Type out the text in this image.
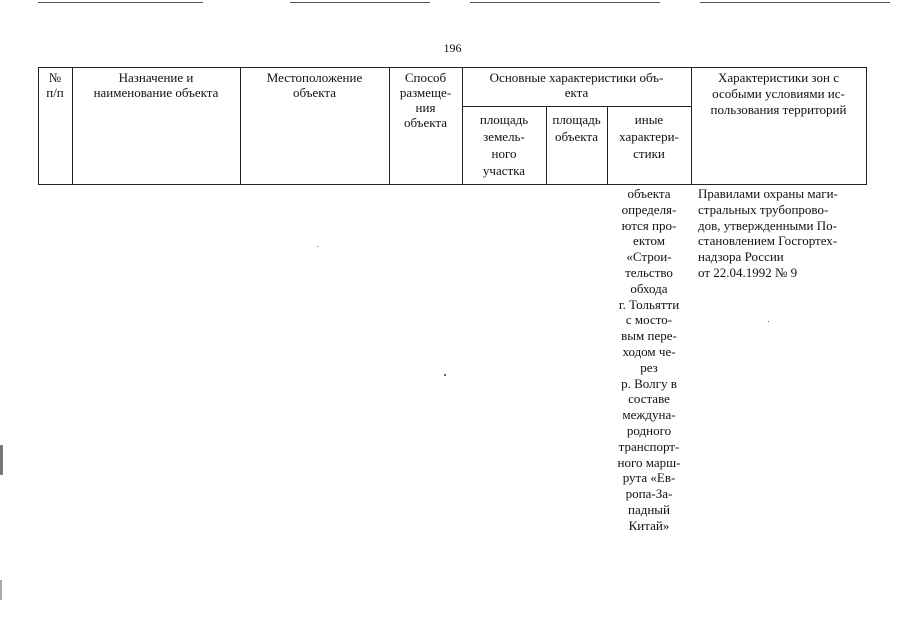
196
№
п/п
Назначение и
наименование объекта
Местоположение
объекта
Способ
размеще-
ния
объекта
Основные характеристики объ-
екта
площадь
земель-
ного
участка
площадь
объекта
иные
характери-
стики
Характеристики зон с
особыми условиями ис-
пользования территорий
объекта
определя-
ются про-
ектом
«Строи-
тельство
обхода
г. Тольятти
с мосто-
вым пере-
ходом че-
рез
р. Волгу в
составе
междуна-
родного
транспорт-
ного марш-
рута «Ев-
ропа-За-
падный
Китай»
Правилами охраны маги-
стральных трубопрово-
дов, утвержденными По-
становлением Госгортех-
надзора России
от 22.04.1992 № 9
